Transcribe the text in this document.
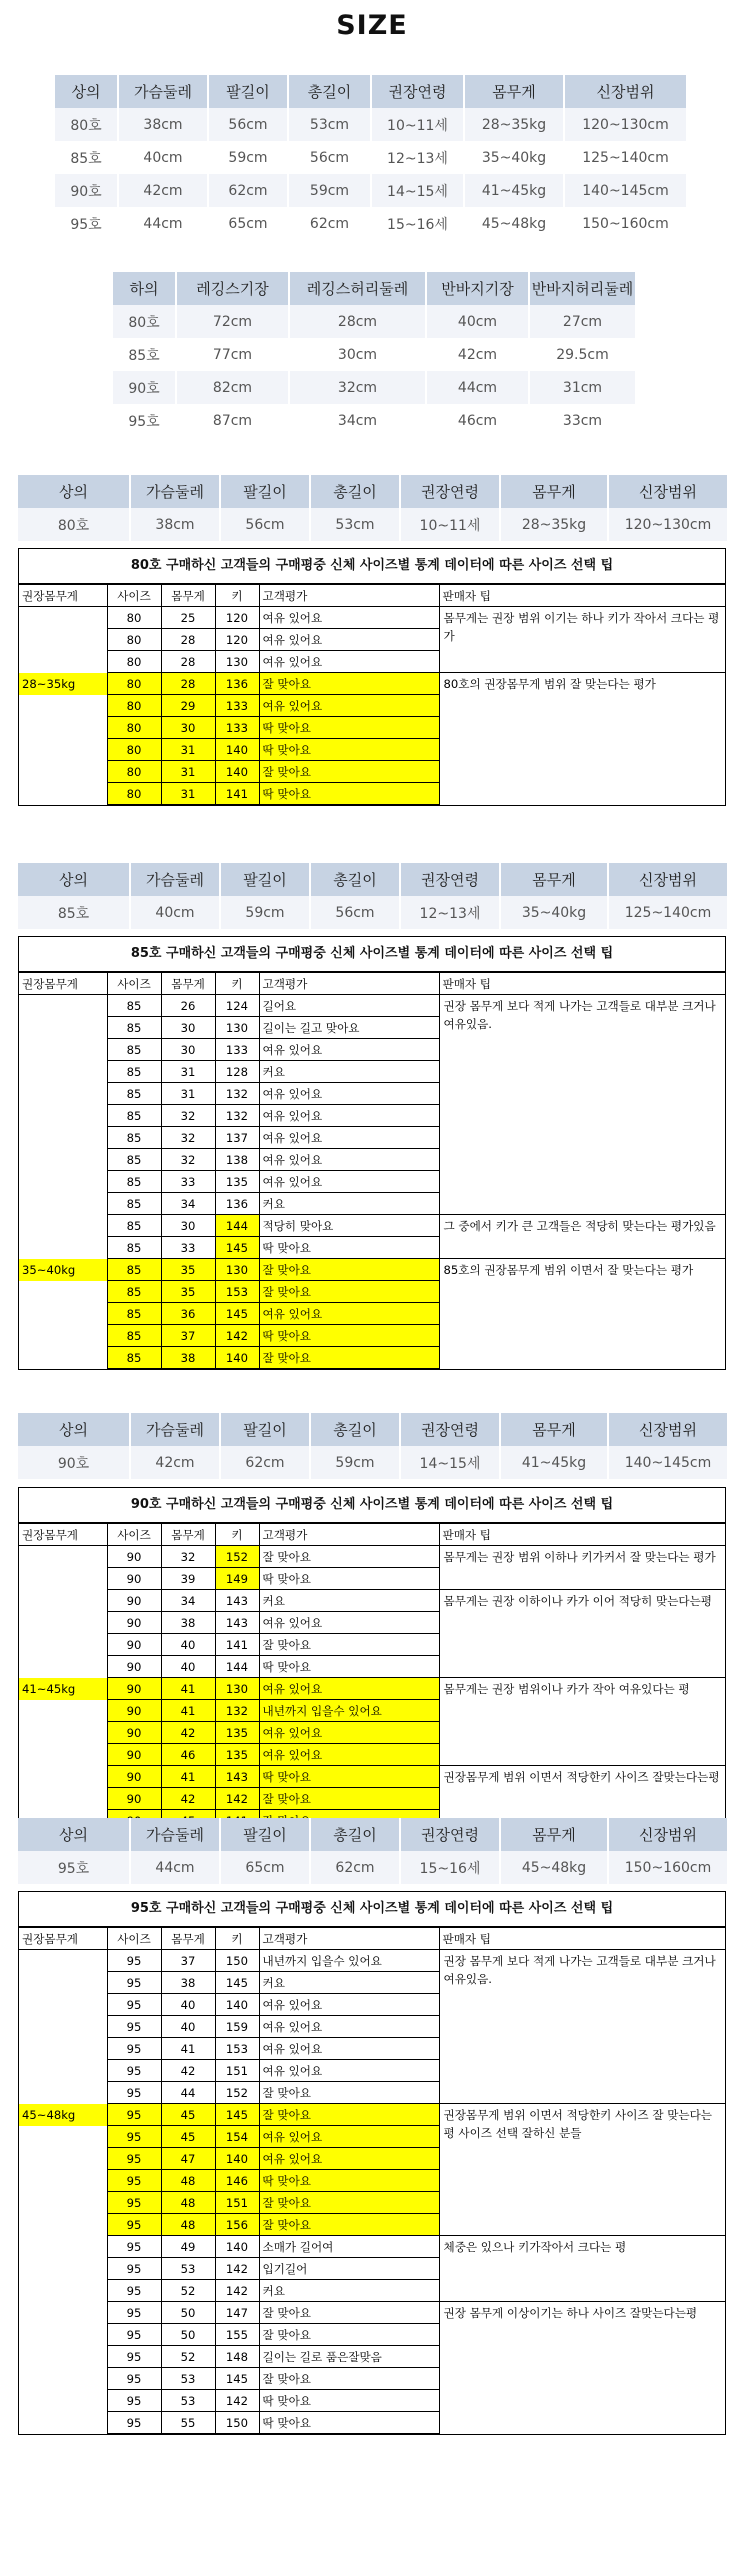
SIZE
상의	가슴둘레	팔길이	총길이	권장연령	몸무게	신장범위
80호	38cm	56cm	53cm	10~11세	28~35kg	120~130cm
85호	40cm	59cm	56cm	12~13세	35~40kg	125~140cm
90호	42cm	62cm	59cm	14~15세	41~45kg	140~145cm
95호	44cm	65cm	62cm	15~16세	45~48kg	150~160cm
하의	레깅스기장	레깅스허리둘레	반바지기장	반바지허리둘레
80호	72cm	28cm	40cm	27cm
85호	77cm	30cm	42cm	29.5cm
90호	82cm	32cm	44cm	31cm
95호	87cm	34cm	46cm	33cm
상의	가슴둘레	팔길이	총길이	권장연령	몸무게	신장범위
80호	38cm	56cm	53cm	10~11세	28~35kg	120~130cm
80호 구매하신 고객들의 구매평중 신체 사이즈별 통계 데이터에 따른 사이즈 선택 팁
권장몸무게	사이즈	몸무게	키	고객평가	판매자 팁
	80	25	120	여유 있어요	몸무게는 권장 범위 이기는 하나 키가 작아서 크다는 평가
	80	28	120	여유 있어요	
	80	28	130	여유 있어요	
28~35kg	80	28	136	잘 맞아요	80호의 권장몸무게 범위 잘 맞는다는 평가
	80	29	133	여유 있어요	
	80	30	133	딱 맞아요	
	80	31	140	딱 맞아요	
	80	31	140	잘 맞아요	
	80	31	141	딱 맞아요	
상의	가슴둘레	팔길이	총길이	권장연령	몸무게	신장범위
85호	40cm	59cm	56cm	12~13세	35~40kg	125~140cm
85호 구매하신 고객들의 구매평중 신체 사이즈별 통계 데이터에 따른 사이즈 선택 팁
권장몸무게	사이즈	몸무게	키	고객평가	판매자 팁
	85	26	124	길어요	권장 몸무게 보다 적게 나가는 고객들로 대부분 크거나 여유있음.
	85	30	130	길이는 길고 맞아요	
	85	30	133	여유 있어요	
	85	31	128	커요	
	85	31	132	여유 있어요	
	85	32	132	여유 있어요	
	85	32	137	여유 있어요	
	85	32	138	여유 있어요	
	85	33	135	여유 있어요	
	85	34	136	커요	
	85	30	144	적당히 맞아요	그 중에서 키가 큰 고객들은 적당히 맞는다는 평가있음
	85	33	145	딱 맞아요	
35~40kg	85	35	130	잘 맞아요	85호의 권장몸무게 범위 이면서 잘 맞는다는 평가
	85	35	153	잘 맞아요	
	85	36	145	여유 있어요	
	85	37	142	딱 맞아요	
	85	38	140	잘 맞아요	
상의	가슴둘레	팔길이	총길이	권장연령	몸무게	신장범위
90호	42cm	62cm	59cm	14~15세	41~45kg	140~145cm
90호 구매하신 고객들의 구매평중 신체 사이즈별 통계 데이터에 따른 사이즈 선택 팁
권장몸무게	사이즈	몸무게	키	고객평가	판매자 팁
	90	32	152	잘 맞아요	몸무게는 권장 범위 이하나 키가커서 잘 맞는다는 평가
	90	39	149	딱 맞아요	
	90	34	143	커요	몸무게는 권장 이하이나 카가 이어 적당히 맞는다는평
	90	38	143	여유 있어요	
	90	40	141	잘 맞아요	
	90	40	144	딱 맞아요	
41~45kg	90	41	130	여유 있어요	몸무게는 권장 범위이나 카가 작아 여유있다는 평
	90	41	132	내년까지 입을수 있어요	
	90	42	135	여유 있어요	
	90	46	135	여유 있어요	
	90	41	143	딱 맞아요	권장몸무게 범위 이면서 적당한키 사이즈 잘맞는다는평
	90	42	142	잘 맞아요	

상의	가슴둘레	팔길이	총길이	권장연령	몸무게	신장범위
95호	44cm	65cm	62cm	15~16세	45~48kg	150~160cm
95호 구매하신 고객들의 구매평중 신체 사이즈별 통계 데이터에 따른 사이즈 선택 팁
권장몸무게	사이즈	몸무게	키	고객평가	판매자 팁
	95	37	150	내년까지 입을수 있어요	권장 몸무게 보다 적게 나가는 고객들로 대부분 크거나 여유있음.
	95	38	145	커요	
	95	40	140	여유 있어요	
	95	40	159	여유 있어요	
	95	41	153	여유 있어요	
	95	42	151	여유 있어요	
	95	44	152	잘 맞아요	
45~48kg	95	45	145	잘 맞아요	권장몸무게 범위 이면서 적당한키 사이즈 잘 맞는다는 평 사이즈 선택 잘하신 분들
	95	45	154	여유 있어요	
	95	47	140	여유 있어요	
	95	48	146	딱 맞아요	
	95	48	151	잘 맞아요	
	95	48	156	잘 맞아요	
	95	49	140	소매가 길어여	체중은 있으나 키가작아서 크다는 평
	95	53	142	입기길어	
	95	52	142	커요	
	95	50	147	잘 맞아요	권장 몸무게 이상이기는 하나 사이즈 잘맞는다는평
	95	50	155	잘 맞아요	
	95	52	148	길이는 길로 품은잘맞음	
	95	53	145	잘 맞아요	
	95	53	142	딱 맞아요	
	95	55	150	딱 맞아요	
